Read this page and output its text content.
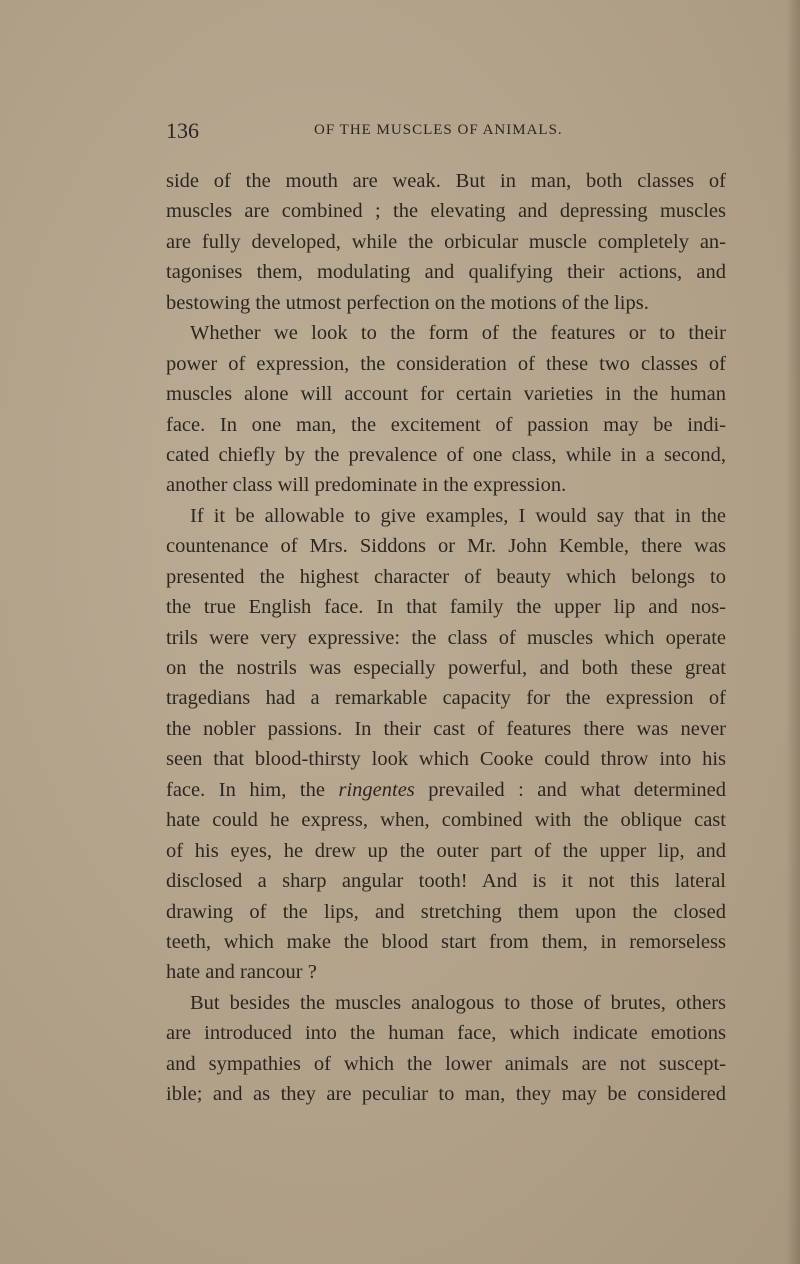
136	OF THE MUSCLES OF ANIMALS.
side of the mouth are weak. But in man, both classes of
muscles are combined ; the elevating and depressing muscles
are fully developed, while the orbicular muscle completely an-
tagonises them, modulating and qualifying their actions, and
bestowing the utmost perfection on the motions of the lips.
Whether we look to the form of the features or to their
power of expression, the consideration of these two classes of
muscles alone will account for certain varieties in the human
face. In one man, the excitement of passion may be indi-
cated chiefly by the prevalence of one class, while in a second,
another class will predominate in the expression.
If it be allowable to give examples, I would say that in the
countenance of Mrs. Siddons or Mr. John Kemble, there was
presented the highest character of beauty which belongs to
the true English face. In that family the upper lip and nos-
trils were very expressive: the class of muscles which operate
on the nostrils was especially powerful, and both these great
tragedians had a remarkable capacity for the expression of
the nobler passions. In their cast of features there was never
seen that blood-thirsty look which Cooke could throw into his
face. In him, the ringentes prevailed : and what determined
hate could he express, when, combined with the oblique cast
of his eyes, he drew up the outer part of the upper lip, and
disclosed a sharp angular tooth! And is it not this lateral
drawing of the lips, and stretching them upon the closed
teeth, which make the blood start from them, in remorseless
hate and rancour ?
But besides the muscles analogous to those of brutes, others
are introduced into the human face, which indicate emotions
and sympathies of which the lower animals are not suscept-
ible; and as they are peculiar to man, they may be considered
